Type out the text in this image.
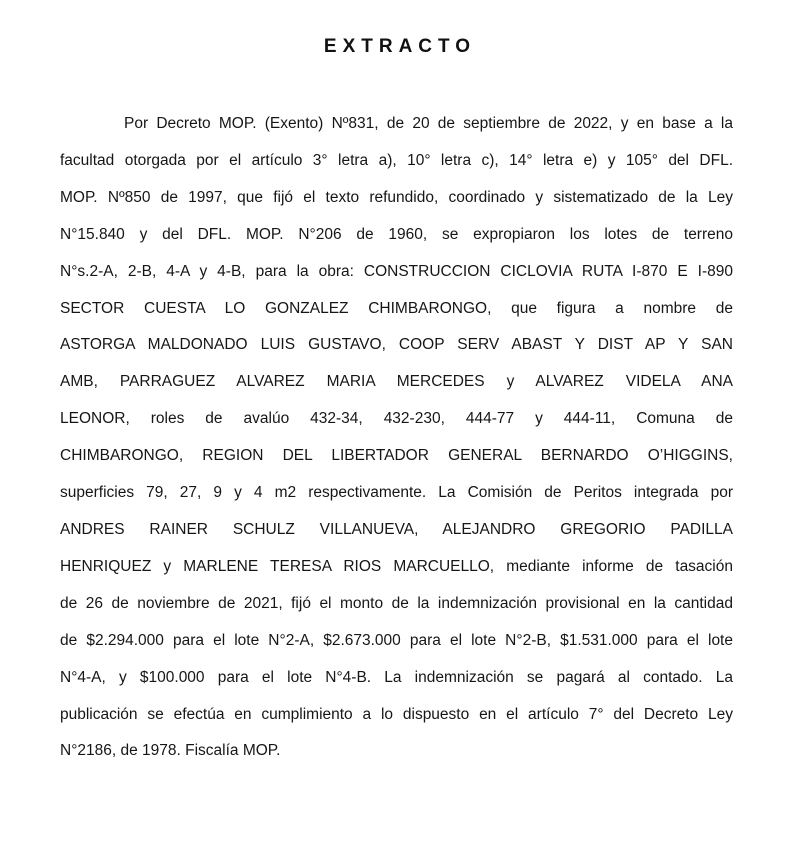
EXTRACTO
Por Decreto MOP. (Exento) Nº831, de 20 de septiembre de 2022, y en base a la
facultad otorgada por el artículo 3° letra a), 10° letra c), 14° letra e) y 105° del DFL.
MOP. Nº850 de 1997, que fijó el texto refundido, coordinado y sistematizado de la Ley
N°15.840 y del DFL. MOP. N°206 de 1960, se expropiaron los lotes de terreno
N°s.2-A, 2-B, 4-A y 4-B, para la obra: CONSTRUCCION CICLOVIA RUTA I-870 E I-890
SECTOR CUESTA LO GONZALEZ CHIMBARONGO, que figura a nombre de
ASTORGA MALDONADO LUIS GUSTAVO, COOP SERV ABAST Y DIST AP Y SAN
AMB, PARRAGUEZ ALVAREZ MARIA MERCEDES y ALVAREZ VIDELA ANA
LEONOR, roles de avalúo 432-34, 432-230, 444-77 y 444-11, Comuna de
CHIMBARONGO, REGION DEL LIBERTADOR GENERAL BERNARDO O’HIGGINS,
superficies 79, 27, 9 y 4 m2 respectivamente. La Comisión de Peritos integrada por
ANDRES RAINER SCHULZ VILLANUEVA, ALEJANDRO GREGORIO PADILLA
HENRIQUEZ y MARLENE TERESA RIOS MARCUELLO, mediante informe de tasación
de 26 de noviembre de 2021, fijó el monto de la indemnización provisional en la cantidad
de $2.294.000 para el lote N°2-A, $2.673.000 para el lote N°2-B, $1.531.000 para el lote
N°4-A, y $100.000 para el lote N°4-B. La indemnización se pagará al contado. La
publicación se efectúa en cumplimiento a lo dispuesto en el artículo 7° del Decreto Ley
N°2186, de 1978. Fiscalía MOP.
